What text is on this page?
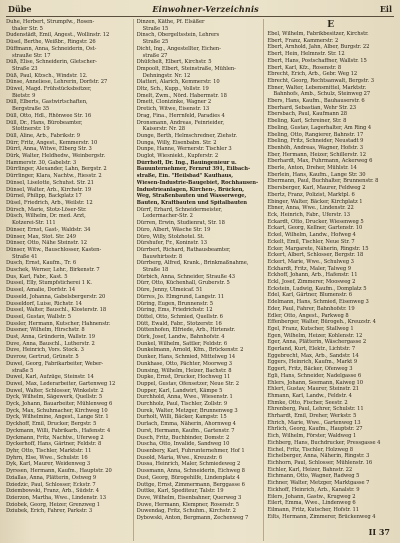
Dübe	Einwohner-Verzeichnis	Eil
Duhe, Herbert, Strumpfw., Rosen-
thaler Str. 5
Dudenstädt, Emil, Angest., Wollinstr. 12
Düsel, Berthe, Weißbr., Ringstr. 26
Düffmann, Anna, Schneiderin, Ost-
strauße Str. 17
Düß, Elise, Schneiderin, Gletscher-
Straße 23
Düß, Paul, Kfzsch., Windstr. 12.
Dünse, Anneliese, Lehrerin, Dorfstr. 27
Düwel, Magd. Frühstücksbsitzer,
Bietstr. 9
Düll, Elberts, Gastwirtschaften,
Bergstraße 35
Düll, Otto, Hdl., Rhönwee Str. 16
Düll, Dr., Hans, Bürobeamter,
Stottnerstr. 19
Düll, Aline, Arb., Fabrikstr. 9
Dürr, Fritz, Angest., Kemmerstr. 10
Dürrl, Anna, Witwe, Elberg Str. 3
Dürk, Walter, Heldhedw., Weinbergstr.
Hammerstr. 30, Gabelstr. 3
Dürrlinger, Alexander, Lahn, Bergstr. 2
Dürrlinger, Klara, Nachtw., Riesstr. 2
Dünsel, Liselotte, Schuhst. Str. 21
Dünsel, Walter, Arb., Kirchstr. 19
Dürnel, Philipp, Backplatz 17
Düsel, Friedrich, Arb., Weilstr. 12
Dürsch, Marie, Stotz-Löser-Str.
Düsch, Wilhelm, Dr. med. Arzt,
Kotzerei-Str. 111
Dünser, Ernst, Gast-, Waldstr. 34
Dünser, Max, Stot. Str. 249
Dünser, Otto, Nähe Steinstr. 12
Dünser, Witw., Bauschlosser, Kasten-
Straße 41
Dusch, Ernst, Kaufm., Tr. 6
Duschek, Werner, Lehr., Birkenstr. 7
Dus, Karl, Fabr., Kast. 5
Dussel, Elly, Stumpfsticherei 1 K.
Dussel, Amalie, Dorfstr. 14
Dusseld, Johanna, Gabelsbergerstr. 20
Dusseldorf, Luise, Richstr. 14
Dussel, Walter, Bauschl., Klosterstr. 18
Dussel, Gustav, Wallstr. 5
Dussler, Hermann, Kutscher, Hahnenstr.
Dussner, Wilhelm, Hirschstr. 8
Dust, Anna, Gründerin, Wallstr. 19
Duve, Anna, Bauschl., Lutherstr. 2
Duve, Heinrich, Vors. Stock. 3
Duvrow, Gertrud, Grünstr. 5
Duwel, Georg, Fabrikarbeiter, Weber-
straße 5
Duwel, Karl, Aufzüge, Steinstr. 14
Duwel, Max, Lederarbeiter, Gartenweg 12
Duwel, Walter, Schlosser, Winkelstr. 2
Dyck, Wilhelm, Sägewerk, Quellstr. 5
Dyck, Johann, Bauarbeiter, Mühlenweg 6
Dyck, Max, Schuhmacher, Kirchweg 10
Dyck, Wilhelmine, Angest., Lange Str. 1
Dyckhoff, Emil, Drucker, Bergstr. 5
Dyckmann, Willi, Fabrikarb., Hafenstr. 4
Dyckmann, Fritz, Nachtw., Uferweg 2
Dyckerhoff, Hans, Gärtner, Feldstr. 8
Dyhr, Otto, Tischler, Marktstr. 11
Dyhrn, Else, Wwe., Schulstr. 16
Dyk, Karl, Maurer, Weidenweg 3
Dyrssen, Hermann, Kaufm., Hauptstr. 20
Dziallas, Anna, Plätterin, Ostweg 9
Dziedzic, Paul, Schlosser, Eckstr. 7
Dziembowski, Franz, Arb., Südstr. 4
Dzierzon, Martha, Wwe., Lindenstr. 13
Dziobek, Georg, Heizer, Grenzweg 1
Dziubek, Erich, Fahrer, Parkstr. 3
Dinzen, Käthe, Pf. Elsäßer
Straße 15
Dinsch, Obergeltsstein, Lehrers
Straße 25
Dicht, Ing., Angestellter, Eichen-
straße 27
Dhüfchelt, Elbert, Kirchstr. 5
Dmpoolt, Elbert, Steinstraße, Mühlen-
Dehningstr. Nr. 12
Dlatteri, Alarich, Kemmerstr. 10
Dltz, Sch., Kupp., Vollstr. 19
Dmelt, Zwm., Nörd. Habermstr. 18
Dmett, Clonizinke, Wagner 2
Dretich, Witwe, Eisenstr. 13
Drag, Fina., Herrnfeld, Paradies 4
Dronsmann, Andreas, Feinrieider,
Kaiserstr. Nr. 28
Dunge, Berth, Helmschredner, Ziehstr.
Dunga, Willy, Eisenbabn. Str. 2
Dunpe, Hanne, Wernerstr. Tischler 3
Duglot, Wiesniekt., Kupferstr. 2
Dürrhoff, Dr. Ing., Bauingenieur u.
Bauunternehmer, Fernruf 391, Eilbach-
straße, Ein. "Heilsbad" Kaufhaus,
Wiesen-Industrie-Baugebiet, Rochhausen-
Industrieanlagen, Kirchen-, Brücken,
Weg, Straßenbauten und Wasserwege,
Bauten, Kraftbauten und Spitalbauten
Dürrf, Erhard, Schneidermeister,
Ledermacher-Str. 2
Dürren, Erwin, Studienrat, Str. 18
Düro, Albert, Wäsche Str. 19
Düro, Willy, Stolzhotel. St.
Dürshufer, Fr., Koninstr. 13
Dürrbert, Richard, Rathausbeamter,
Bauwhirtsstr. 8
Dürrberg, Alfred, Krank., Brinkmaßnahme,
Straße 18
Dürbich, Anna, Schneider, Strauße 43
Dürr, Otto, Küchenhall, Gruberstr. 5
Düre, Jenny, Ulmeicaf. 51
Dürres, Jo. Elmgrund, Langstr. 11
Düring, Eugen, Brunnenstr. 5
Düring, Ems, Friedrichstr. 12
Düttel, Otto, Schmied, Quellstr. 6
Dütt, Ewald, Fabr., Stotzerstr. 16
Düttenhofen, Elfriede, Arb., Hirtenstr.
Dürk, Josef, Landw., Bahnhofstr. 4
Dunkel, Wilhelm, Sattler, Feldstr. 6
Dunkelmann, Arnold, Kfm., Brückenstr. 2
Dunker, Hans, Schmied, Mittelweg 14
Dunkhase, Otto, Pächter, Moorweg 3
Dunsing, Wilhelm, Heizer, Bachstr. 8
Dupke, Ernst, Drucker, Hochweg 11
Duppel, Gustav, Ofensetzer, Neue Str. 2
Dupper, Karl, Landwirt, Kämpe 5
Durchhold, Anna, Wwe., Wiesenstr. 1
Durchholz, Paul, Tischler, Zollstr. 9
Durek, Walter, Metzger, Brunnenweg 3
Durholt, Willi, Bäcker, Kampstr. 15
Durlach, Emma, Näherin, Ahornweg 4
Durst, Hermann, Kaufm., Gartenstr. 7
Dusch, Fritz, Buchbinder, Domstr. 2
Duscha, Otto, Invalide, Sandweg 10
Dusenbery, Karl, Fuhrunternehmer, Hof 1
Dusold, Maria, Wwe., Kreuzstr. 6
Dussa, Heinrich, Maler, Schmiedeweg 2
Dussmann, Anna, Schneiderin, Eichweg 8
Dust, Georg, Bürogehilfe, Lindenplatz 4
Duttge, Ernst, Zimmermann, Berggasse 6
Duttke, Karl, Spediteur, Talstr. 19
Duve, Wilhelm, Eisenbahner, Querweg 3
Duwe, Hermann, Klempner, Rosenstr. 5
Duwendag, Fritz, Schuhm., Kirchstr. 2
Dybowski, Anton, Bergmann, Zechenweg 7
E
Ebel, Wilhelm, Fabrikbesitzer, Kirchstr.
Ebert, Franz, Kammerstr. 2
Ebert, Arnhold, Jahn, Alber, Burgstr. 22
Ebert, Hein, Helmnstr. Str. 12
Ebert, Hans, Postschaffner, Wallstr. 15
Ebert, Karl, Kfz., Rosenstr. 8
Ebrecht, Erich, Arb., Gebr. Weg 12
Ebrecht, Georg, Rechtsanwalt, Bergstr. 3
Ebner, Walter, Lebensmittel, Marktstr.
Bahnhofs, Amb., Schulz, Steinweg 27
Ebers, Hans, Kaufm., Bauhauserstr. 6
Eberhard, Sebastian, Wehr Str. 23
Ebersbach, Paul, Kaufmann 28
Ebeling, Karl, Schreiner, Str. 8
Ebeling, Gustav, Lagerhalter, Am Ring 4
Ebeling, Otto, Rangierer, Bahnstr. 17
Ebeling, Fritz, Schneider, Neustadt 9
Ebenhöh, Andreas, Wagner, Hofstr. 3
Eber, Hermann, Heizer, Schillerstr. 12
Eberhardt, Max, Fuhrmann, Ackerweg 6
Eberle, Anton, Dreher, Mühlstr. 14
Eberlein, Hans, Kaufm., Lange Str. 30
Ebermann, Paul, Buchhalter, Brunnenstr. 8
Ebersberger, Karl, Maurer, Feldweg 2
Ebertz, Franz, Polizist, Marktpl. 6
Ebinger, Walter, Bäcker, Kirchplatz 1
Ebner, Anna, Wwe., Lindenstr. 22
Eck, Heinrich, Fabr., Uferstr. 13
Eckardt, Otto, Drucker, Wiesenweg 5
Eckart, Georg, Kellner, Gartenstr. 10
Eckel, Wilhelm, Landw., Hofweg 4
Eckelt, Emil, Tischler, Neue Str. 7
Ecker, Margarete, Näherin, Ringstr. 15
Eckert, Albert, Schlosser, Bergstr. 18
Eckert, Marie, Wwe., Schulweg 3
Eckhardt, Fritz, Maler, Talweg 9
Eckhoff, Johann, Arb., Hafenstr. 11
Eckl, Josef, Zimmerer, Moosweg 2
Eckstein, Ludwig, Kaufm., Domplatz 5
Edel, Karl, Gärtner, Blumenstr. 6
Edelmann, Hans, Schmied, Eisenweg 3
Eder, Paul, Fahrer, Bahnhofstr. 19
Edler, Otto, Angest., Parkweg 8
Effenberger, Walter, Bürogeh., Kreuzstr. 4
Egel, Franz, Kutscher, Stallweg 1
Egen, Wilhelm, Heizer, Kohlenstr. 12
Eger, Anna, Plätterin, Wäschergasse 2
Egerland, Kurt, Elektr., Lichtstr. 7
Eggebrecht, Max, Arb., Sandstr. 14
Eggers, Heinrich, Kaufm., Markt 9
Eggert, Fritz, Bäcker, Ofenweg 3
Egli, Hans, Schneider, Nadelgasse 6
Ehlers, Johann, Seemann, Kaiweg 10
Ehlert, Gustav, Maurer, Steinstr. 21
Ehmann, Karl, Landw., Feldstr. 4
Ehmke, Otto, Fischer, Seestr. 2
Ehrenberg, Paul, Lehrer, Schulstr. 11
Ehrhardt, Emil, Dreher, Werkstr. 5
Ehrich, Marie, Wwe., Gartenweg 13
Ehrlich, Georg, Kaufm., Hauptstr. 27
Eich, Wilhelm, Förster, Waldweg 1
Eichberg, Hans, Buchdrucker, Pressgasse 4
Eichel, Fritz, Tischler, Holzweg 8
Eichelberger, Anna, Näherin, Ringstr. 3
Eichhorn, Paul, Schlosser, Mühlenstr. 16
Eichler, Karl, Heizer, Bahnstr. 22
Eichmann, Otto, Wagner, Radweg 5
Eichner, Walter, Metzger, Marktgasse 7
Eickhoff, Heinrich, Arb., Kanalstr. 9
Eilers, Johann, Gastw., Krugweg 2
Eilert, Emma, Wwe., Lindenweg 6
Eilmann, Fritz, Kutscher, Hofstr. 11
Eilts, Hermann, Zimmerer, Brückenweg 4
II 37
